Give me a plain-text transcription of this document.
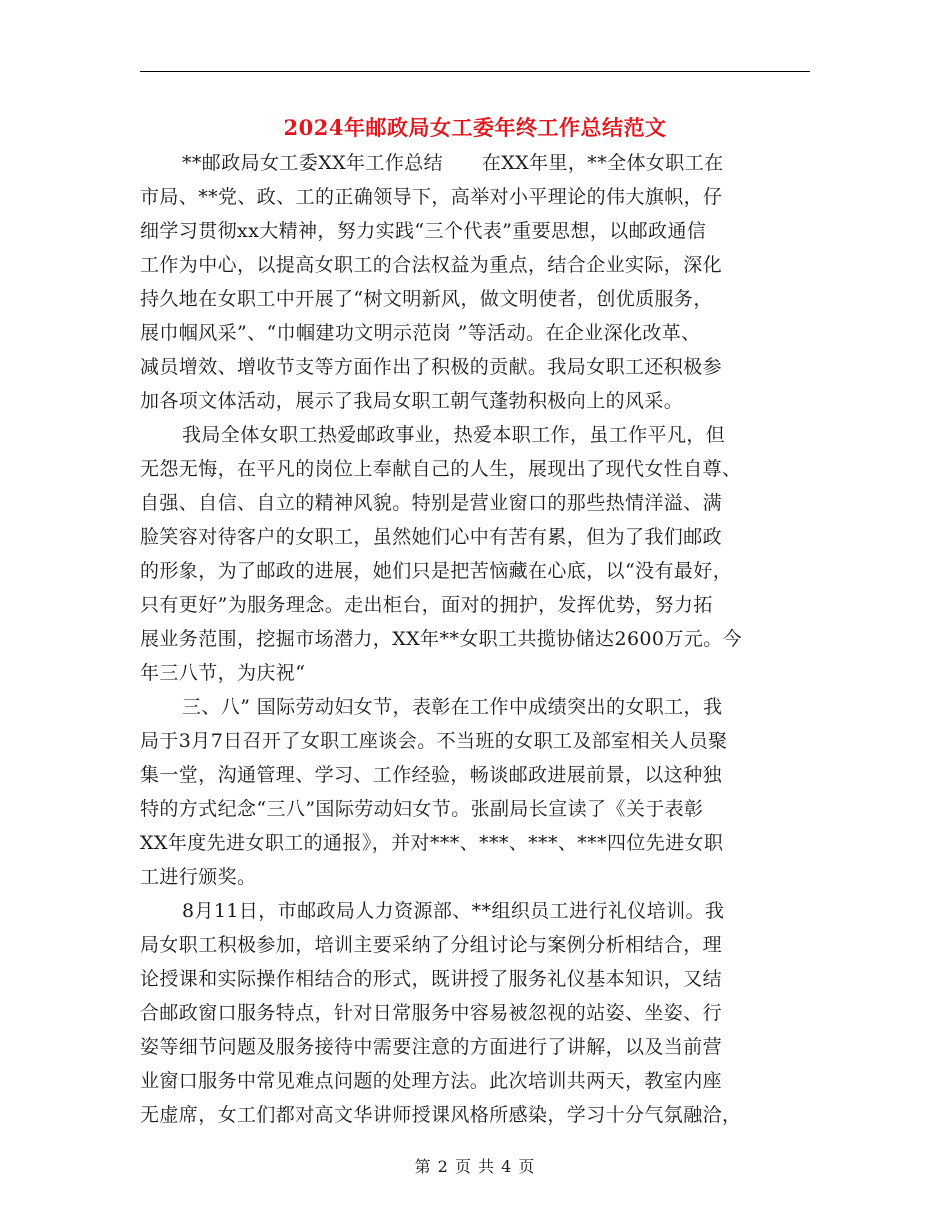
2024年邮政局女工委年终工作总结范文
**邮政局女工委XX年工作总结　　在XX年里，**全体女职工在
市局、**党、政、工的正确领导下，高举对小平理论的伟大旗帜，仔
细学习贯彻xx大精神，努力实践“三个代表”重要思想，以邮政通信
工作为中心，以提高女职工的合法权益为重点，结合企业实际，深化
持久地在女职工中开展了“树文明新风，做文明使者，创优质服务，
展巾帼风采”、“巾帼建功文明示范岗 ”等活动。在企业深化改革、
减员增效、增收节支等方面作出了积极的贡献。我局女职工还积极参
加各项文体活动，展示了我局女职工朝气蓬勃积极向上的风采。
我局全体女职工热爱邮政事业，热爱本职工作，虽工作平凡，但
无怨无悔，在平凡的岗位上奉献自己的人生，展现出了现代女性自尊、
自强、自信、自立的精神风貌。特别是营业窗口的那些热情洋溢、满
脸笑容对待客户的女职工，虽然她们心中有苦有累，但为了我们邮政
的形象，为了邮政的进展，她们只是把苦恼藏在心底，以“没有最好，
只有更好”为服务理念。走出柜台，面对的拥护，发挥优势，努力拓
展业务范围，挖掘市场潜力，XX年**女职工共揽协储达2600万元。今
年三八节，为庆祝“
三、八” 国际劳动妇女节，表彰在工作中成绩突出的女职工，我
局于3月7日召开了女职工座谈会。不当班的女职工及部室相关人员聚
集一堂，沟通管理、学习、工作经验，畅谈邮政进展前景，以这种独
特的方式纪念“三八”国际劳动妇女节。张副局长宣读了《关于表彰
XX年度先进女职工的通报》，并对***、***、***、***四位先进女职
工进行颁奖。
8月11日，市邮政局人力资源部、**组织员工进行礼仪培训。我
局女职工积极参加，培训主要采纳了分组讨论与案例分析相结合，理
论授课和实际操作相结合的形式，既讲授了服务礼仪基本知识，又结
合邮政窗口服务特点，针对日常服务中容易被忽视的站姿、坐姿、行
姿等细节问题及服务接待中需要注意的方面进行了讲解，以及当前营
业窗口服务中常见难点问题的处理方法。此次培训共两天，教室内座
无虚席，女工们都对高文华讲师授课风格所感染，学习十分气氛融洽，
第 2 页 共 4 页
